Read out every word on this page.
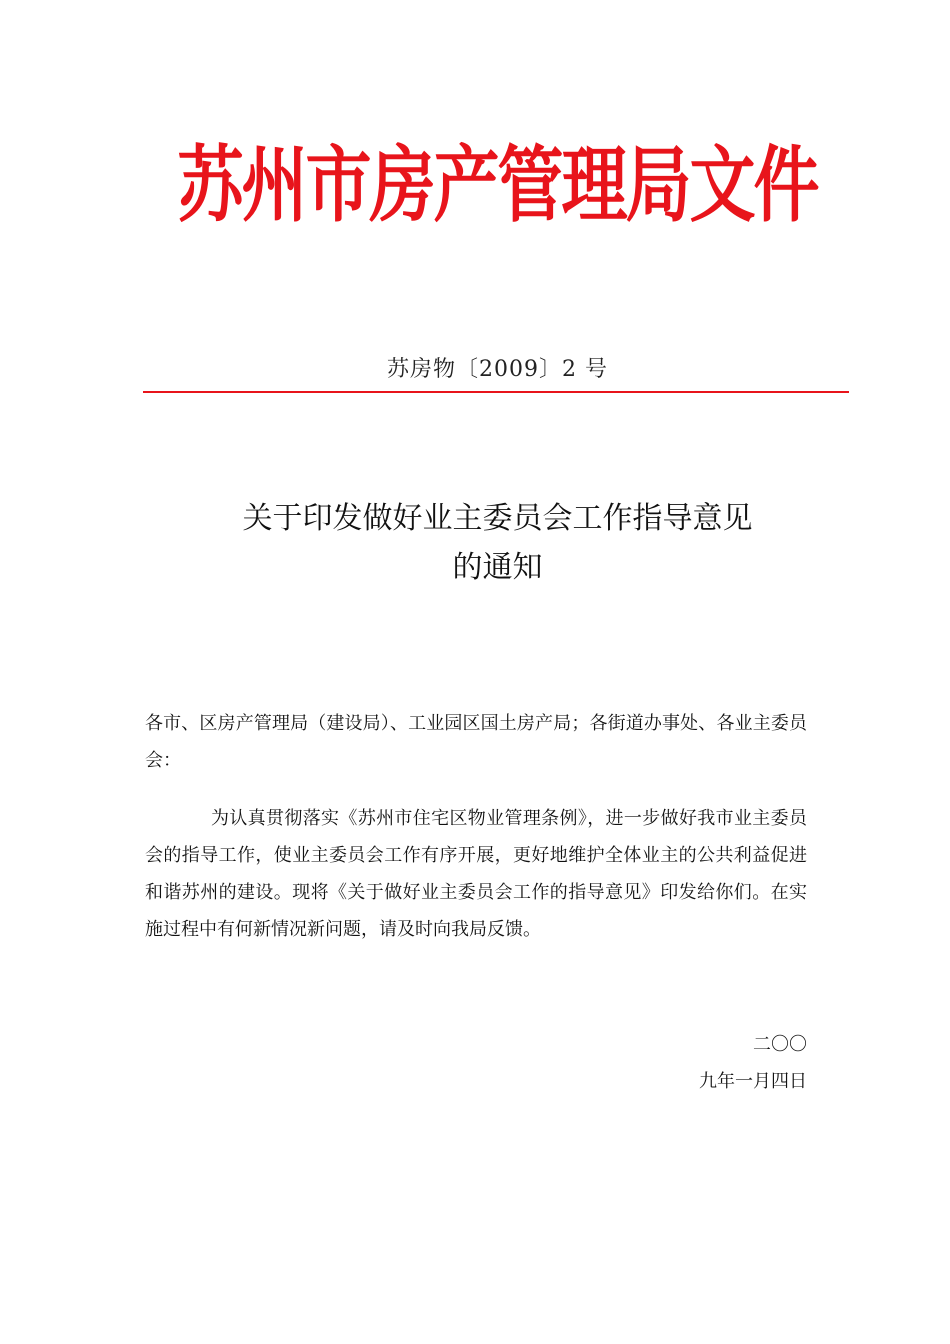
苏州市房产管理局文件
苏房物〔2009〕2 号
关于印发做好业主委员会工作指导意见
的通知
各市、区房产管理局（建设局）、工业园区国土房产局；各街道办事处、各业主委员会：
为认真贯彻落实《苏州市住宅区物业管理条例》，进一步做好我市业主委员会的指导工作，使业主委员会工作有序开展，更好地维护全体业主的公共利益促进和谐苏州的建设。现将《关于做好业主委员会工作的指导意见》印发给你们。在实施过程中有何新情况新问题，请及时向我局反馈。
二〇〇
九年一月四日
